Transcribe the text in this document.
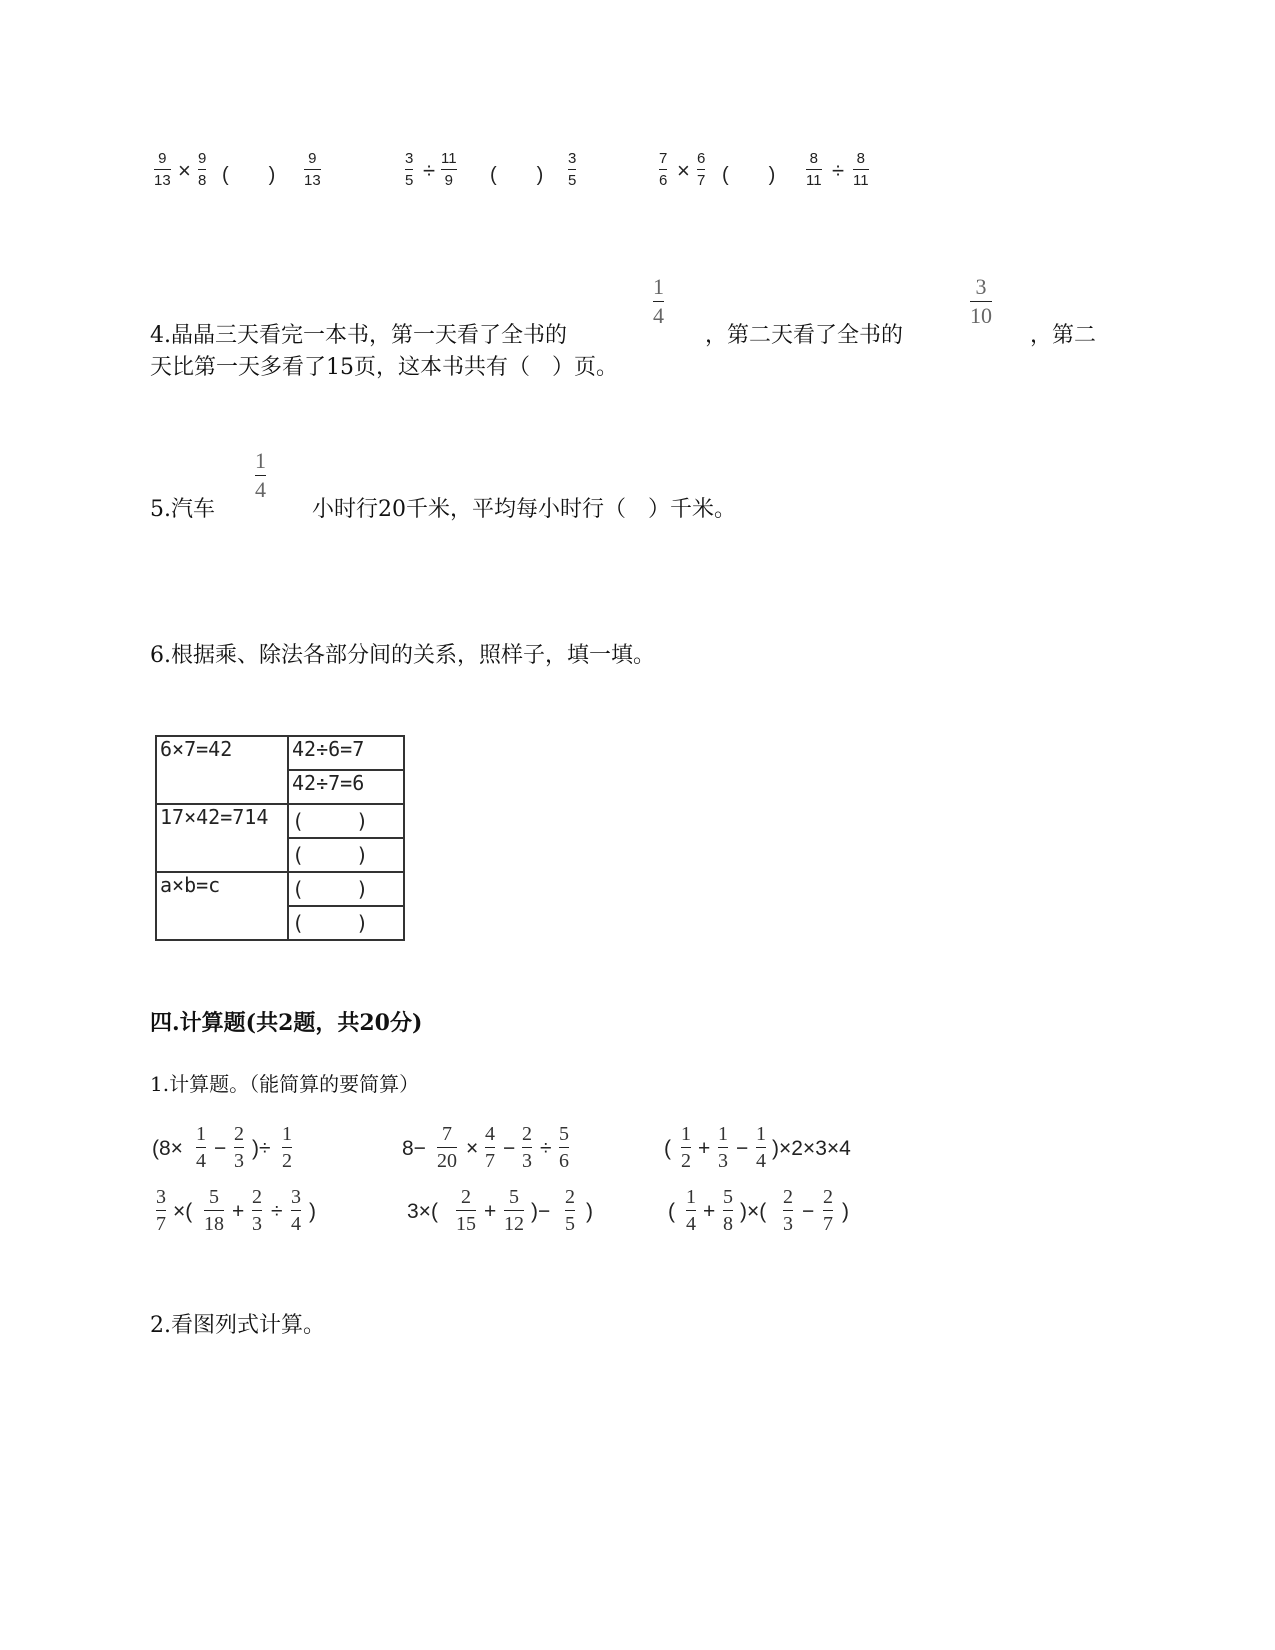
9
13 × 9
8 (　　)
9
13
3
5 ÷ 11
9 (　　)
3
5
7
6 × 6
7 (　　)
8
11 ÷ 8
11
4.晶晶三天看完一本书，第一天看了全书的
1
4
，第二天看了全书的
3
10
，第二
天比第一天多看了15页，这本书共有（　）页。
5.汽车
1
4
小时行20千米，平均每小时行（　）千米。
6.根据乘、除法各部分间的关系，照样子，填一填。
6×7=42	42÷6=7
	42÷7=6
17×42=714	(　　 )
	(　　 )
a×b=c	(　　 )
	(　　 )
四.计算题(共2题，共20分)
1.计算题。（能简算的要简算）
(8×
1
4
−
2
3
)÷
1
2
8−
7
20
×
4
7
−
2
3
÷
5
6
(
1
2
+
1
3
−
1
4
)×2×3×4
3
7
×(
5
18
+
2
3
÷
3
4
)	3×(
2
15
+
5
12
)−
2
5
)	(
1
4
+
5
8
)×(
2
3
−
2
7
)
2.看图列式计算。
